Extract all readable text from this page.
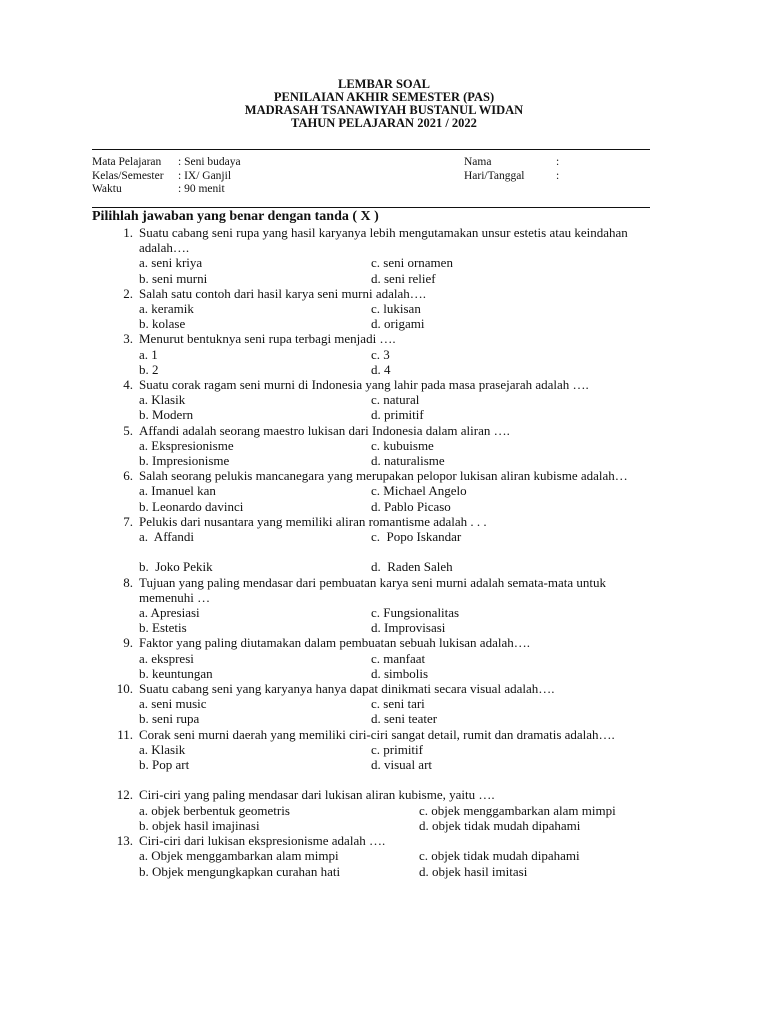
LEMBAR SOAL
PENILAIAN AKHIR SEMESTER (PAS)
MADRASAH TSANAWIYAH BUSTANUL WIDAN
TAHUN PELAJARAN 2021 / 2022
Mata Pelajaran	: Seni budaya	Nama	:
Kelas/Semester	: IX/ Ganjil	Hari/Tanggal	:
Waktu	: 90 menit
Pilihlah jawaban yang benar dengan tanda ( X )
1. Suatu cabang seni rupa yang hasil karyanya lebih mengutamakan unsur estetis atau keindahan adalah….
a. seni kriya	c. seni ornamen
b. seni murni	d. seni relief
2. Salah satu contoh dari hasil karya seni murni adalah….
a. keramik	c. lukisan
b. kolase	d. origami
3. Menurut bentuknya seni rupa terbagi menjadi ….
a. 1	c. 3
b. 2	d. 4
4. Suatu corak ragam seni murni di Indonesia yang lahir pada masa prasejarah adalah ….
a. Klasik	c. natural
b. Modern	d. primitif
5. Affandi adalah seorang maestro lukisan dari Indonesia dalam aliran ….
a. Ekspresionisme	c. kubuisme
b. Impresionisme	d. naturalisme
6. Salah seorang pelukis mancanegara yang merupakan pelopor lukisan aliran kubisme adalah…
a. Imanuel kan	c. Michael Angelo
b. Leonardo davinci	d. Pablo Picaso
7. Pelukis dari nusantara yang memiliki aliran romantisme adalah . . .
a.  Affandi	c.  Popo Iskandar
b.  Joko Pekik	d.  Raden Saleh
8. Tujuan yang paling mendasar dari pembuatan karya seni murni adalah semata-mata untuk memenuhi …
a. Apresiasi	c. Fungsionalitas
b. Estetis	d. Improvisasi
9. Faktor yang paling diutamakan dalam pembuatan sebuah lukisan adalah….
a. ekspresi	c. manfaat
b. keuntungan	d. simbolis
10. Suatu cabang seni yang karyanya hanya dapat dinikmati secara visual adalah….
a. seni music	c. seni tari
b. seni rupa	d. seni teater
11. Corak seni murni daerah yang memiliki ciri-ciri sangat detail, rumit dan dramatis adalah….
a. Klasik	c. primitif
b. Pop art	d. visual art
12. Ciri-ciri yang paling mendasar dari lukisan aliran kubisme, yaitu ….
a. objek berbentuk geometris	c. objek menggambarkan alam mimpi
b. objek hasil imajinasi	d. objek tidak mudah dipahami
13. Ciri-ciri dari lukisan ekspresionisme adalah ….
a. Objek menggambarkan alam mimpi	c. objek tidak mudah dipahami
b. Objek mengungkapkan curahan hati	d. objek hasil imitasi
